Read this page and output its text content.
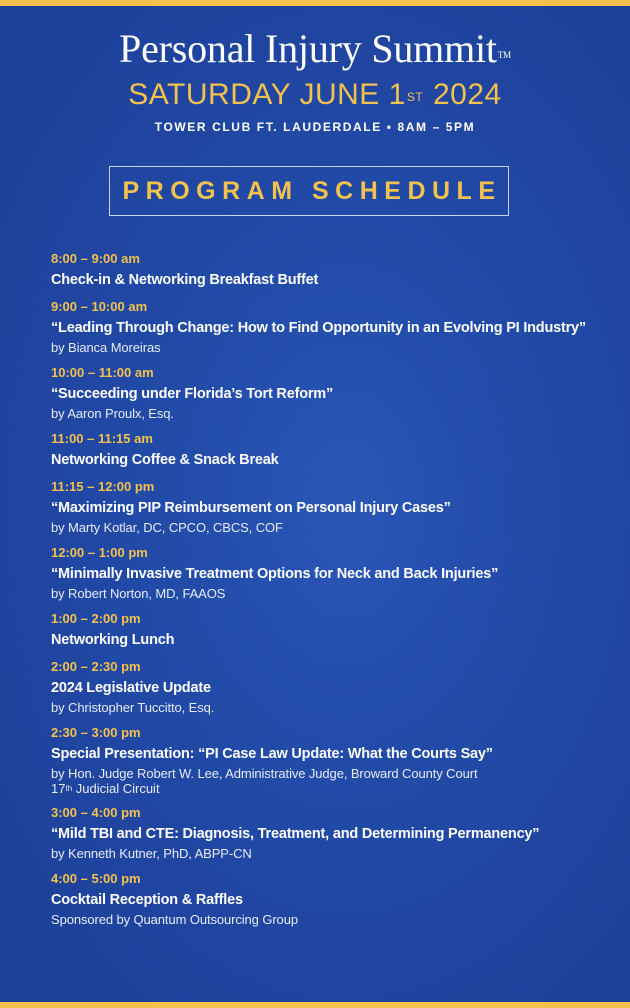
Personal Injury Summit™
SATURDAY JUNE 1ST 2024
TOWER CLUB FT. LAUDERDALE • 8AM – 5PM
PROGRAM SCHEDULE
8:00 – 9:00 am
Check-in & Networking Breakfast Buffet
9:00 – 10:00 am
“Leading Through Change: How to Find Opportunity in an Evolving PI Industry”
by Bianca Moreiras
10:00 – 11:00 am
“Succeeding under Florida’s Tort Reform”
by Aaron Proulx, Esq.
11:00 – 11:15 am
Networking Coffee & Snack Break
11:15 – 12:00 pm
“Maximizing PIP Reimbursement on Personal Injury Cases”
by Marty Kotlar, DC, CPCO, CBCS, COF
12:00 – 1:00 pm
“Minimally Invasive Treatment Options for Neck and Back Injuries”
by Robert Norton, MD, FAAOS
1:00 – 2:00 pm
Networking Lunch
2:00 – 2:30 pm
2024 Legislative Update
by Christopher Tuccitto, Esq.
2:30 – 3:00 pm
Special Presentation: “PI Case Law Update: What the Courts Say”
by Hon. Judge Robert W. Lee, Administrative Judge, Broward County Court
17th Judicial Circuit
3:00 – 4:00 pm
“Mild TBI and CTE: Diagnosis, Treatment, and Determining Permanency”
by Kenneth Kutner, PhD, ABPP-CN
4:00 – 5:00 pm
Cocktail Reception & Raffles
Sponsored by Quantum Outsourcing Group
